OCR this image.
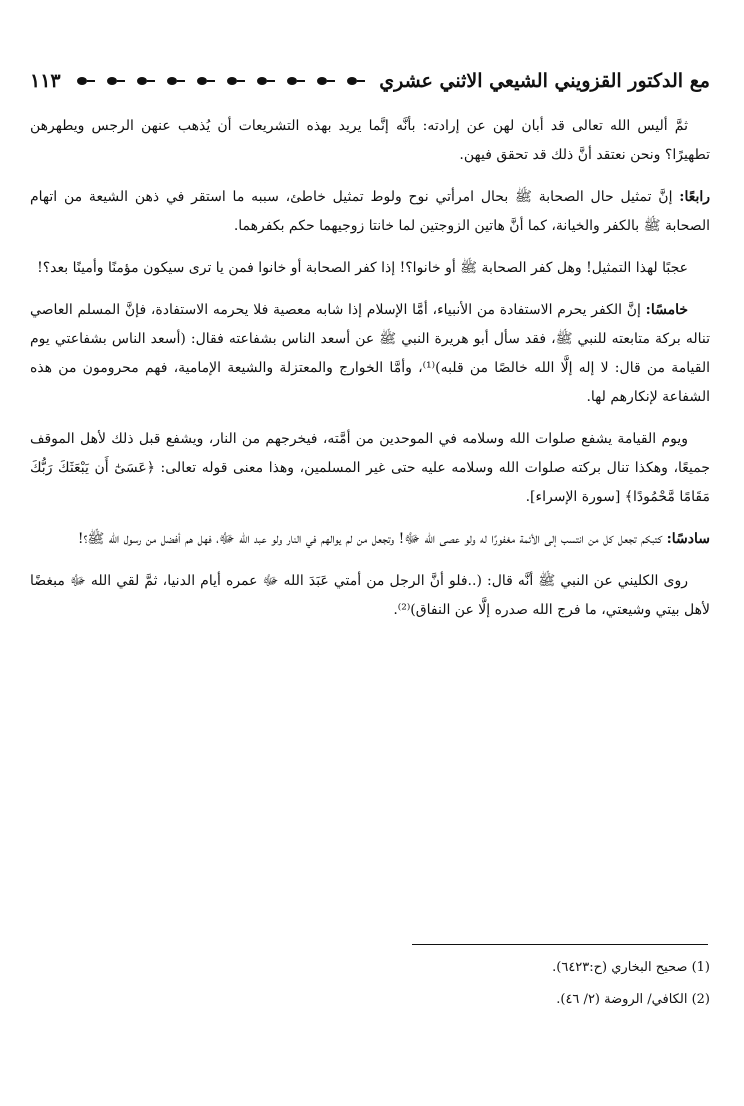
مع الدكتور القزويني الشيعي الاثني عشري
١١٣

ثمَّ أليس الله تعالى قد أبان لهن عن إرادته: بأنَّه إنَّما يريد بهذه التشريعات أن يُذهب عنهن الرجس ويطهرهن تطهيرًا؟ ونحن نعتقد أنَّ ذلك قد تحقق فيهن.

رابعًا: إنَّ تمثيل حال الصحابة ﷺ بحال امرأتي نوح ولوط تمثيل خاطئ، سببه ما استقر في ذهن الشيعة من اتهام الصحابة ﷺ بالكفر والخيانة، كما أنَّ هاتين الزوجتين لما خانتا زوجيهما حكم بكفرهما.

عجبًا لهذا التمثيل! وهل كفر الصحابة ﷺ أو خانوا؟! إذا كفر الصحابة أو خانوا فمن يا ترى سيكون مؤمنًا وأمينًا بعد؟!

خامسًا: إنَّ الكفر يحرم الاستفادة من الأنبياء، أمَّا الإسلام إذا شابه معصية فلا يحرمه الاستفادة، فإنَّ المسلم العاصي تناله بركة متابعته للنبي ﷺ، فقد سأل أبو هريرة النبي ﷺ عن أسعد الناس بشفاعته فقال: (أسعد الناس بشفاعتي يوم القيامة من قال: لا إله إلَّا الله خالصًا من قلبه)⁽¹⁾، وأمَّا الخوارج والمعتزلة والشيعة الإمامية، فهم محرومون من هذه الشفاعة لإنكارهم لها.

ويوم القيامة يشفع صلوات الله وسلامه في الموحدين من أمَّته، فيخرجهم من النار، ويشفع قبل ذلك لأهل الموقف جميعًا، وهكذا تنال بركته صلوات الله وسلامه عليه حتى غير المسلمين، وهذا معنى قوله تعالى: ﴿عَسَىٰٓ أَن يَبْعَثَكَ رَبُّكَ مَقَامًا مَّحْمُودًا﴾ [سورة الإسراء].

سادسًا: كتبكم تجعل كل من انتسب إلى الأئمة مغفورًا له ولو عصى الله ﷻ! وتجعل من لم يوالهم في النار ولو عبد الله ﷻ، فهل هم أفضل من رسول الله ﷺ؟!

روى الكليني عن النبي ﷺ أنَّه قال: (..فلو أنَّ الرجل من أمتي عَبَدَ الله ﷻ عمره أيام الدنيا، ثمَّ لقي الله ﷻ مبغضًا لأهل بيتي وشيعتي، ما فرج الله صدره إلَّا عن النفاق)⁽²⁾.

(1) صحيح البخاري (ح:٦٤٢٣).

(2) الكافي/ الروضة (٢/ ٤٦).
